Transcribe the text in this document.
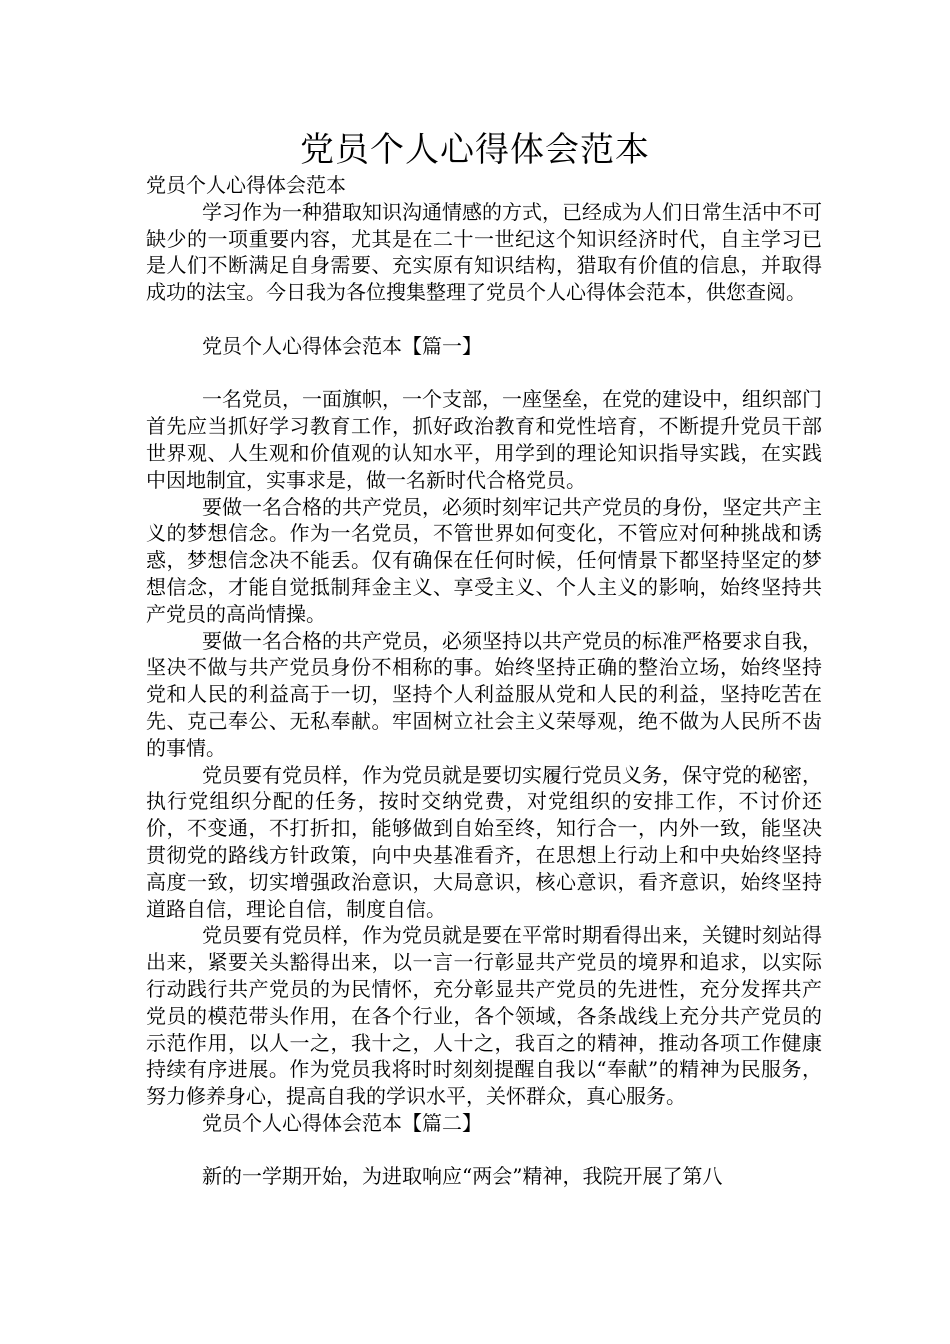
党员个人心得体会范本

党员个人心得体会范本

学习作为一种猎取知识沟通情感的方式，已经成为人们日常生活中不可缺少的一项重要内容，尤其是在二十一世纪这个知识经济时代，自主学习已是人们不断满足自身需要、充实原有知识结构，猎取有价值的信息，并取得成功的法宝。今日我为各位搜集整理了党员个人心得体会范本，供您查阅。

党员个人心得体会范本【篇一】

一名党员，一面旗帜，一个支部，一座堡垒，在党的建设中，组织部门首先应当抓好学习教育工作，抓好政治教育和党性培育，不断提升党员干部世界观、人生观和价值观的认知水平，用学到的理论知识指导实践，在实践中因地制宜，实事求是，做一名新时代合格党员。

要做一名合格的共产党员，必须时刻牢记共产党员的身份，坚定共产主义的梦想信念。作为一名党员，不管世界如何变化，不管应对何种挑战和诱惑，梦想信念决不能丢。仅有确保在任何时候，任何情景下都坚持坚定的梦想信念，才能自觉抵制拜金主义、享受主义、个人主义的影响，始终坚持共产党员的高尚情操。

要做一名合格的共产党员，必须坚持以共产党员的标准严格要求自我，坚决不做与共产党员身份不相称的事。始终坚持正确的整治立场，始终坚持党和人民的利益高于一切，坚持个人利益服从党和人民的利益，坚持吃苦在先、克己奉公、无私奉献。牢固树立社会主义荣辱观，绝不做为人民所不齿的事情。

党员要有党员样，作为党员就是要切实履行党员义务，保守党的秘密，执行党组织分配的任务，按时交纳党费，对党组织的安排工作，不讨价还价，不变通，不打折扣，能够做到自始至终，知行合一，内外一致，能坚决贯彻党的路线方针政策，向中央基准看齐，在思想上行动上和中央始终坚持高度一致，切实增强政治意识，大局意识，核心意识，看齐意识，始终坚持道路自信，理论自信，制度自信。

党员要有党员样，作为党员就是要在平常时期看得出来，关键时刻站得出来，紧要关头豁得出来，以一言一行彰显共产党员的境界和追求，以实际行动践行共产党员的为民情怀，充分彰显共产党员的先进性，充分发挥共产党员的模范带头作用，在各个行业，各个领域，各条战线上充分共产党员的示范作用，以人一之，我十之，人十之，我百之的精神，推动各项工作健康持续有序进展。作为党员我将时时刻刻提醒自我以“奉献”的精神为民服务，努力修养身心，提高自我的学识水平，关怀群众，真心服务。

党员个人心得体会范本【篇二】

新的一学期开始，为进取响应“两会”精神，我院开展了第八
